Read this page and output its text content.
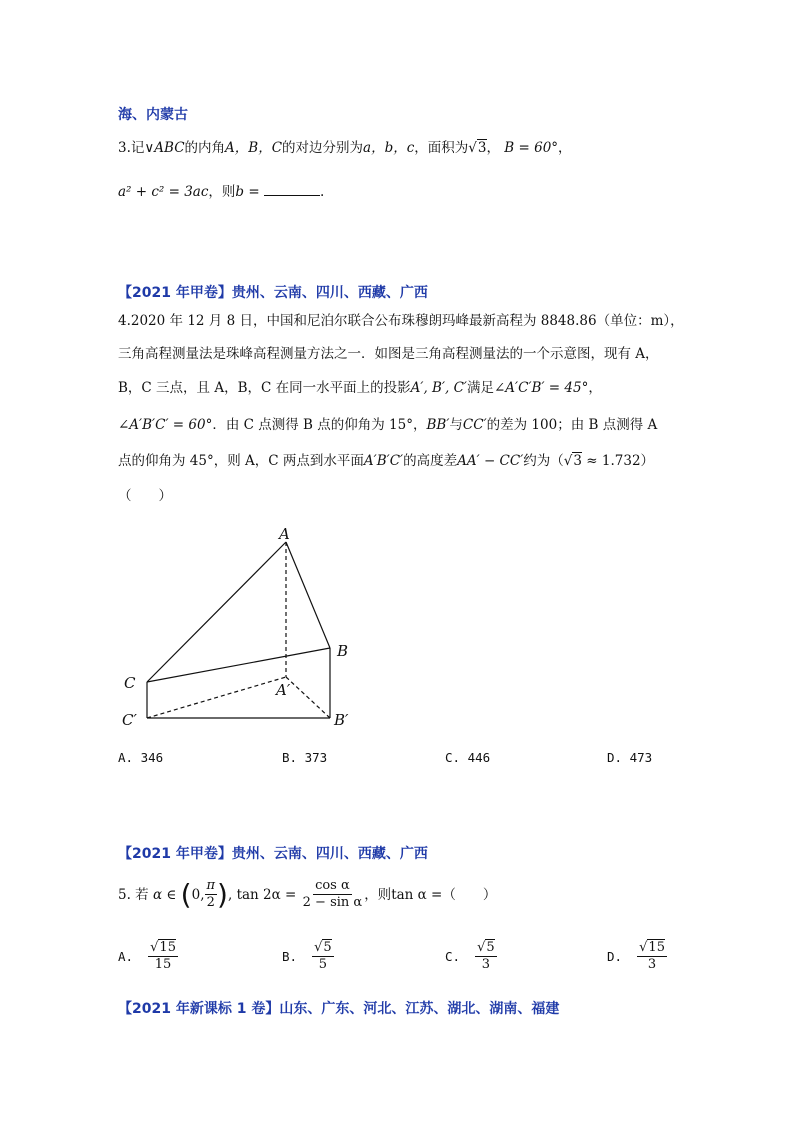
海、内蒙古
3.记∨ABC的内角A，B，C的对边分别为a，b，c，面积为√3， B = 60°，
a² + c² = 3ac，则b =	.
【2021 年甲卷】贵州、云南、四川、西藏、广西
4.2020 年 12 月 8 日，中国和尼泊尔联合公布珠穆朗玛峰最新高程为 8848.86（单位：m），
三角高程测量法是珠峰高程测量方法之一．如图是三角高程测量法的一个示意图，现有 A，
B，C 三点，且 A，B，C 在同一水平面上的投影A′, B′, C′满足∠A′C′B′ = 45°，
∠A′B′C′ = 60°．由 C 点测得 B 点的仰角为 15°，BB′与CC′的差为 100；由 B 点测得 A
点的仰角为 45°，则 A，C 两点到水平面A′B′C′的高度差AA′ − CC′约为（√3 ≈ 1.732）
（　　）
A
B
C	A′
B′
C′
A. 346	B. 373	C. 446	D. 473
【2021 年甲卷】贵州、云南、四川、西藏、广西
5. 若
α ∈
( 0, $\frac{\pi}{2}$ ) , tan 2α =
$\frac{\text{cos α}}{\text{2 − sin α}}$ ，则 tan α = （　　）
A.
$\frac{√15}{15}$	B.
$\frac{√5}{5}$	C.
$\frac{√5}{3}$	D.
$\frac{√15}{3}$
【2021 年新课标 1 卷】山东、广东、河北、江苏、湖北、湖南、福建
